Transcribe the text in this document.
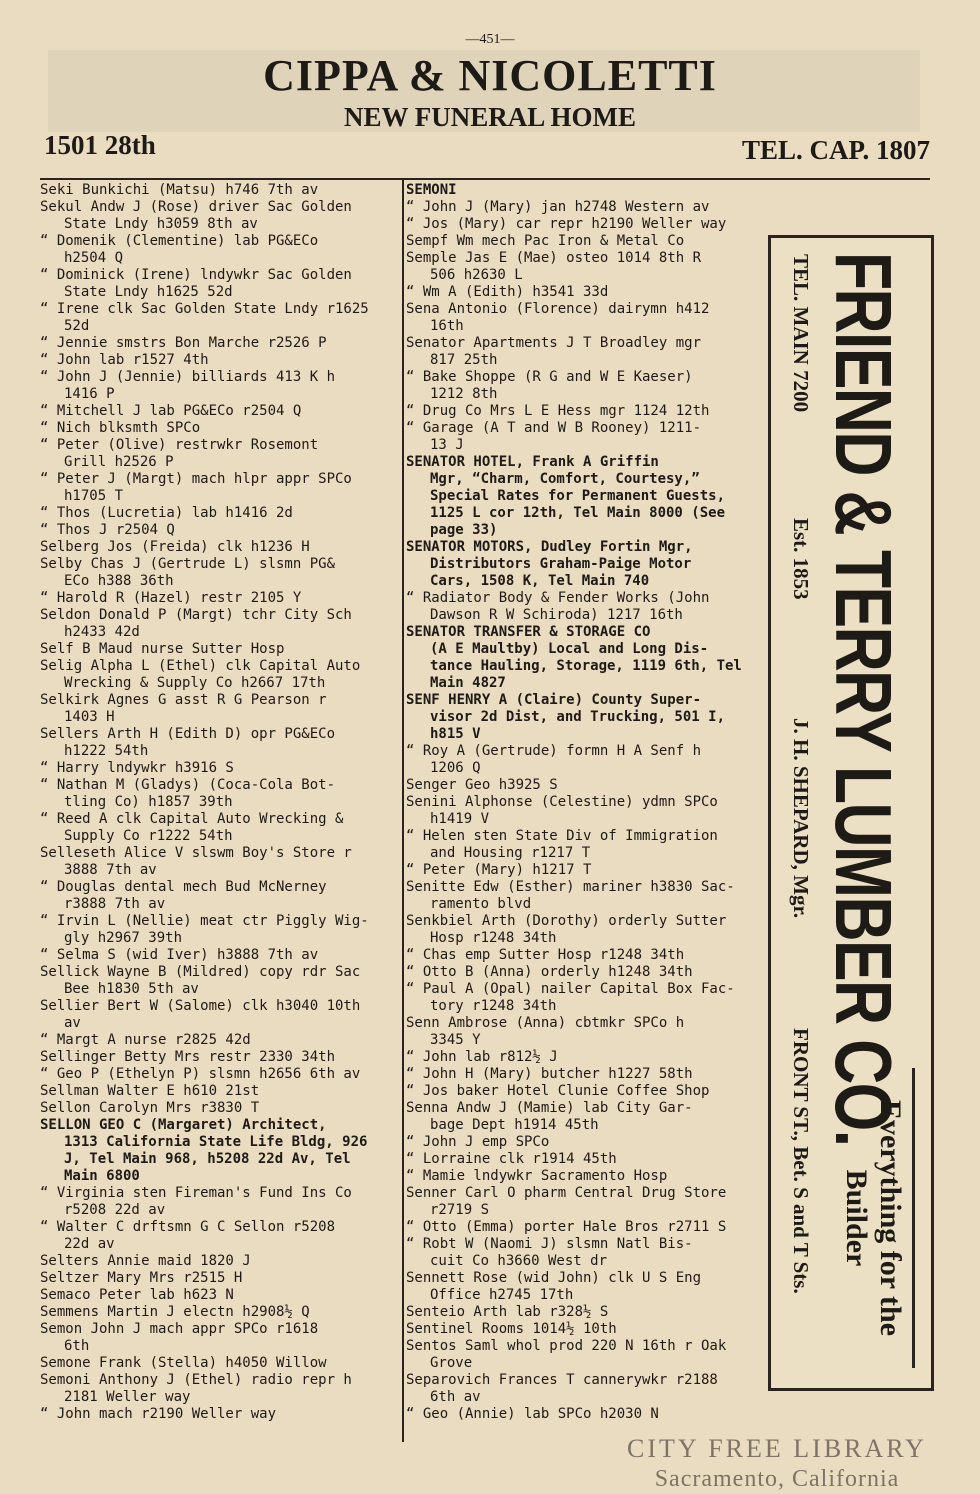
—451—
CIPPA & NICOLETTI
NEW FUNERAL HOME
1501 28th	TEL. CAP. 1807
Seki Bunkichi (Matsu) h746 7th av
Sekul Andw J (Rose) driver Sac Golden
State Lndy h3059 8th av
“ Domenik (Clementine) lab PG&ECo
h2504 Q
“ Dominick (Irene) lndywkr Sac Golden
State Lndy h1625 52d
“ Irene clk Sac Golden State Lndy r1625
52d
“ Jennie smstrs Bon Marche r2526 P
“ John lab r1527 4th
“ John J (Jennie) billiards 413 K h
1416 P
“ Mitchell J lab PG&ECo r2504 Q
“ Nich blksmth SPCo
“ Peter (Olive) restrwkr Rosemont
Grill h2526 P
“ Peter J (Margt) mach hlpr appr SPCo
h1705 T
“ Thos (Lucretia) lab h1416 2d
“ Thos J r2504 Q
Selberg Jos (Freida) clk h1236 H
Selby Chas J (Gertrude L) slsmn PG&
ECo h388 36th
“ Harold R (Hazel) restr 2105 Y
Seldon Donald P (Margt) tchr City Sch
h2433 42d
Self B Maud nurse Sutter Hosp
Selig Alpha L (Ethel) clk Capital Auto
Wrecking & Supply Co h2667 17th
Selkirk Agnes G asst R G Pearson r
1403 H
Sellers Arth H (Edith D) opr PG&ECo
h1222 54th
“ Harry lndywkr h3916 S
“ Nathan M (Gladys) (Coca-Cola Bot-
tling Co) h1857 39th
“ Reed A clk Capital Auto Wrecking &
Supply Co r1222 54th
Selleseth Alice V slswm Boy's Store r
3888 7th av
“ Douglas dental mech Bud McNerney
r3888 7th av
“ Irvin L (Nellie) meat ctr Piggly Wig-
gly h2967 39th
“ Selma S (wid Iver) h3888 7th av
Sellick Wayne B (Mildred) copy rdr Sac
Bee h1830 5th av
Sellier Bert W (Salome) clk h3040 10th
av
“ Margt A nurse r2825 42d
Sellinger Betty Mrs restr 2330 34th
“ Geo P (Ethelyn P) slsmn h2656 6th av
Sellman Walter E h610 21st
Sellon Carolyn Mrs r3830 T
SELLON GEO C (Margaret) Architect,
1313 California State Life Bldg, 926
J, Tel Main 968, h5208 22d Av, Tel
Main 6800
“ Virginia sten Fireman's Fund Ins Co
r5208 22d av
“ Walter C drftsmn G C Sellon r5208
22d av
Selters Annie maid 1820 J
Seltzer Mary Mrs r2515 H
Semaco Peter lab h623 N
Semmens Martin J electn h2908½ Q
Semon John J mach appr SPCo r1618
6th
Semone Frank (Stella) h4050 Willow
Semoni Anthony J (Ethel) radio repr h
2181 Weller way
“ John mach r2190 Weller way
SEMONI
“ John J (Mary) jan h2748 Western av
“ Jos (Mary) car repr h2190 Weller way
Sempf Wm mech Pac Iron & Metal Co
Semple Jas E (Mae) osteo 1014 8th R
506 h2630 L
“ Wm A (Edith) h3541 33d
Sena Antonio (Florence) dairymn h412
16th
Senator Apartments J T Broadley mgr
817 25th
“ Bake Shoppe (R G and W E Kaeser)
1212 8th
“ Drug Co Mrs L E Hess mgr 1124 12th
“ Garage (A T and W B Rooney) 1211-
13 J
SENATOR HOTEL, Frank A Griffin
Mgr, “Charm, Comfort, Courtesy,”
Special Rates for Permanent Guests,
1125 L cor 12th, Tel Main 8000 (See
page 33)
SENATOR MOTORS, Dudley Fortin Mgr,
Distributors Graham-Paige Motor
Cars, 1508 K, Tel Main 740
“ Radiator Body & Fender Works (John
Dawson R W Schiroda) 1217 16th
SENATOR TRANSFER & STORAGE CO
(A E Maultby) Local and Long Dis-
tance Hauling, Storage, 1119 6th, Tel
Main 4827
SENF HENRY A (Claire) County Super-
visor 2d Dist, and Trucking, 501 I,
h815 V
“ Roy A (Gertrude) formn H A Senf h
1206 Q
Senger Geo h3925 S
Senini Alphonse (Celestine) ydmn SPCo
h1419 V
“ Helen sten State Div of Immigration
and Housing r1217 T
“ Peter (Mary) h1217 T
Senitte Edw (Esther) mariner h3830 Sac-
ramento blvd
Senkbiel Arth (Dorothy) orderly Sutter
Hosp r1248 34th
“ Chas emp Sutter Hosp r1248 34th
“ Otto B (Anna) orderly h1248 34th
“ Paul A (Opal) nailer Capital Box Fac-
tory r1248 34th
Senn Ambrose (Anna) cbtmkr SPCo h
3345 Y
“ John lab r812½ J
“ John H (Mary) butcher h1227 58th
“ Jos baker Hotel Clunie Coffee Shop
Senna Andw J (Mamie) lab City Gar-
bage Dept h1914 45th
“ John J emp SPCo
“ Lorraine clk r1914 45th
“ Mamie lndywkr Sacramento Hosp
Senner Carl O pharm Central Drug Store
r2719 S
“ Otto (Emma) porter Hale Bros r2711 S
“ Robt W (Naomi J) slsmn Natl Bis-
cuit Co h3660 West dr
Sennett Rose (wid John) clk U S Eng
Office h2745 17th
Senteio Arth lab r328½ S
Sentinel Rooms 1014½ 10th
Sentos Saml whol prod 220 N 16th r Oak
Grove
Separovich Frances T cannerywkr r2188
6th av
“ Geo (Annie) lab SPCo h2030 N
FRIEND & TERRY LUMBER CO.
TEL. MAIN 7200
Est. 1853
J. H. SHEPARD, Mgr.
FRONT ST., Bet. S and T Sts.	Everything for the Builder
CITY FREE LIBRARY
Sacramento, California
